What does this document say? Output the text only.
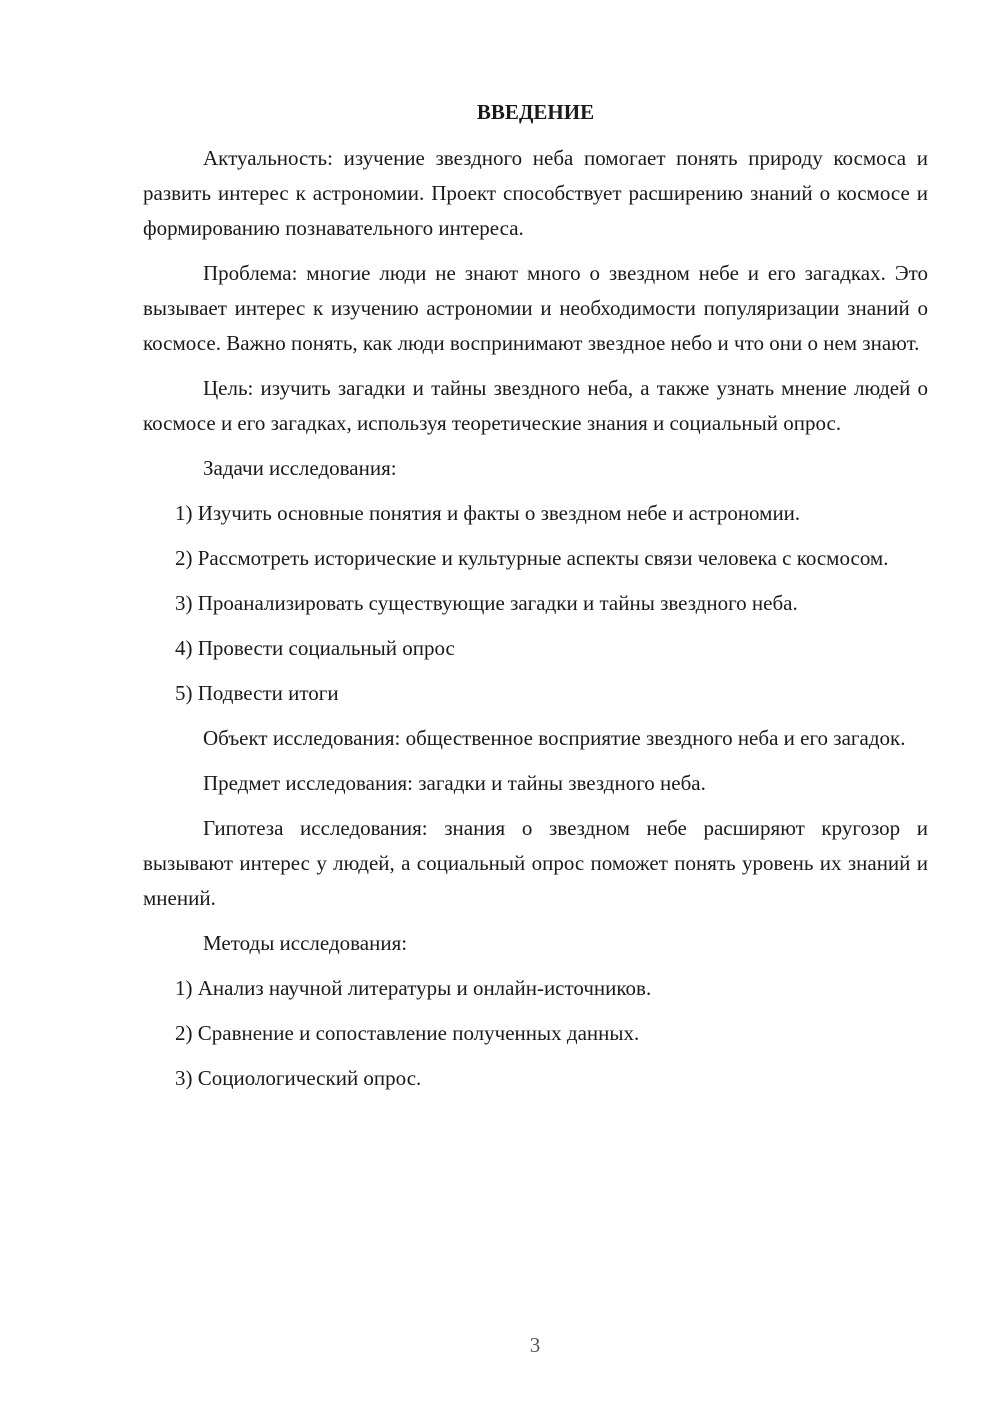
ВВЕДЕНИЕ

Актуальность: изучение звездного неба помогает понять природу космоса и развить интерес к астрономии. Проект способствует расширению знаний о космосе и формированию познавательного интереса.

Проблема: многие люди не знают много о звездном небе и его загадках. Это вызывает интерес к изучению астрономии и необходимости популяризации знаний о космосе. Важно понять, как люди воспринимают звездное небо и что они о нем знают.

Цель: изучить загадки и тайны звездного неба, а также узнать мнение людей о космосе и его загадках, используя теоретические знания и социальный опрос.

Задачи исследования:

1) Изучить основные понятия и факты о звездном небе и астрономии.

2) Рассмотреть исторические и культурные аспекты связи человека с космосом.

3) Проанализировать существующие загадки и тайны звездного неба.

4) Провести социальный опрос

5) Подвести итоги

Объект исследования: общественное восприятие звездного неба и его загадок.

Предмет исследования: загадки и тайны звездного неба.

Гипотеза исследования: знания о звездном небе расширяют кругозор и вызывают интерес у людей, а социальный опрос поможет понять уровень их знаний и мнений.

Методы исследования:

1) Анализ научной литературы и онлайн-источников.

2) Сравнение и сопоставление полученных данных.

3) Социологический опрос.

3
